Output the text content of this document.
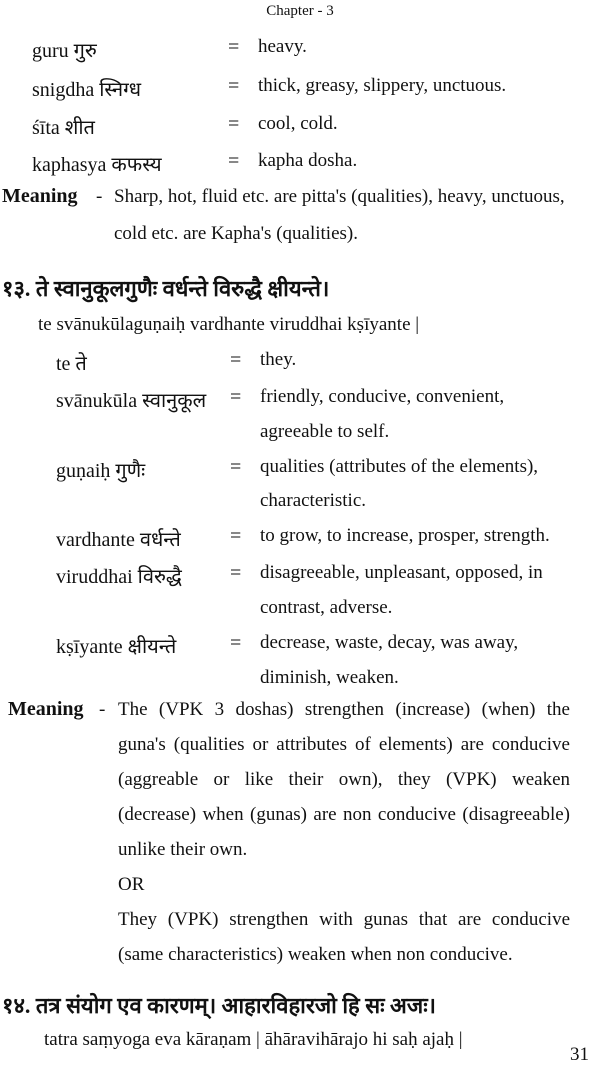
Chapter - 3
guru गुरु	= heavy.
snigdha स्निग्ध	= thick, greasy, slippery, unctuous.
śīta शीत	= cool, cold.
kaphasya कफस्य	= kapha dosha.
Meaning - Sharp, hot, fluid etc. are pitta's (qualities), heavy, unctuous,
cold etc. are Kapha's (qualities).
१३. ते स्वानुकूलगुणैः वर्धन्ते विरुद्धै क्षीयन्ते।
te svānukūlaguṇaiḥ vardhante viruddhai kṣīyante |
te ते	= they.
svānukūla स्वानुकूल = friendly, conducive, convenient,
agreeable to self.
guṇaiḥ गुणैः	= qualities (attributes of the elements),
characteristic.
vardhante वर्धन्ते = to grow, to increase, prosper, strength.
viruddhai विरुद्धै = disagreeable, unpleasant, opposed, in
contrast, adverse.
kṣīyante क्षीयन्ते	= decrease, waste, decay, was away,
diminish, weaken.
Meaning - The (VPK 3 doshas) strengthen (increase) (when) the
guna's (qualities or attributes of elements) are conducive
(aggreable or like their own), they (VPK) weaken
(decrease) when (gunas) are non conducive (disagreeable)
unlike their own.
OR
They (VPK) strengthen with gunas that are conducive
(same characteristics) weaken when non conducive.
१४. तत्र संयोग एव कारणम्। आहारविहारजो हि सः अजः।
tatra saṃyoga eva kāraṇam | āhāravihārajo hi saḥ ajaḥ |
31
